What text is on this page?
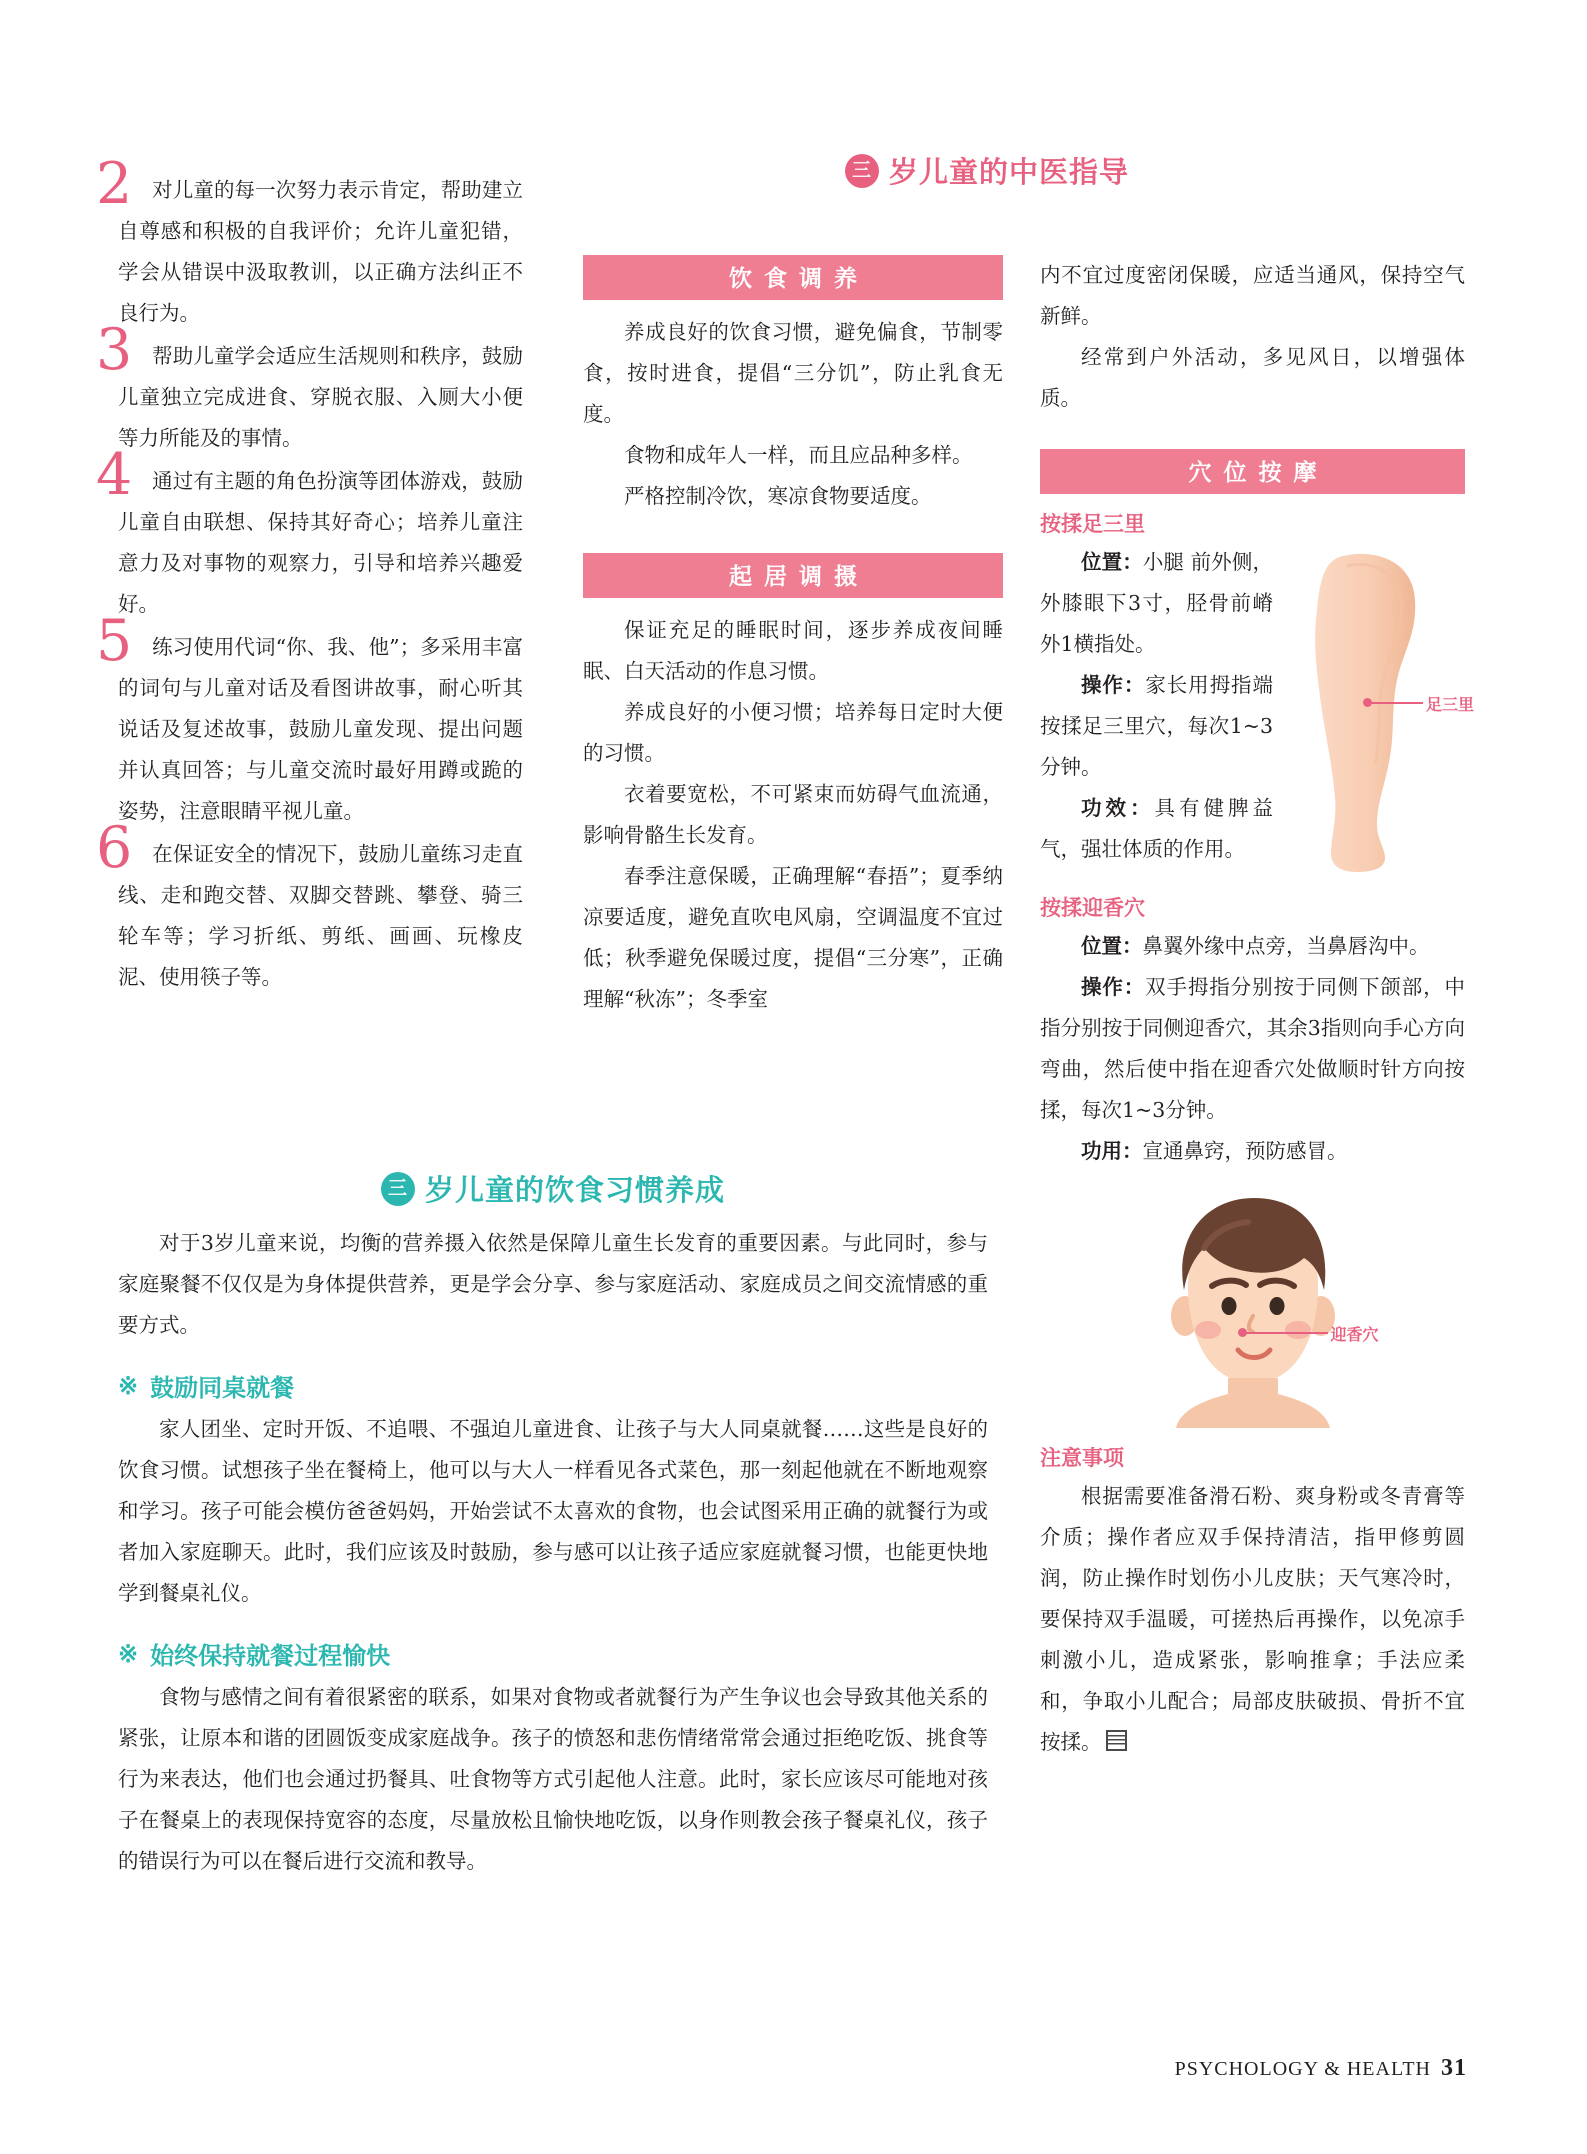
三 岁儿童的中医指导
2 对儿童的每一次努力表示肯定，帮助建立自尊感和积极的自我评价；允许儿童犯错，学会从错误中汲取教训，以正确方法纠正不良行为。

3 帮助儿童学会适应生活规则和秩序，鼓励儿童独立完成进食、穿脱衣服、入厕大小便等力所能及的事情。

4 通过有主题的角色扮演等团体游戏，鼓励儿童自由联想、保持其好奇心；培养儿童注意力及对事物的观察力，引导和培养兴趣爱好。

5 练习使用代词“你、我、他”；多采用丰富的词句与儿童对话及看图讲故事，耐心听其说话及复述故事，鼓励儿童发现、提出问题并认真回答；与儿童交流时最好用蹲或跪的姿势，注意眼睛平视儿童。

6 在保证安全的情况下，鼓励儿童练习走直线、走和跑交替、双脚交替跳、攀登、骑三轮车等；学习折纸、剪纸、画画、玩橡皮泥、使用筷子等。

饮食调养

养成良好的饮食习惯，避免偏食，节制零食，按时进食，提倡“三分饥”，防止乳食无度。

食物和成年人一样，而且应品种多样。

严格控制冷饮，寒凉食物要适度。

起居调摄

保证充足的睡眠时间，逐步养成夜间睡眠、白天活动的作息习惯。

养成良好的小便习惯；培养每日定时大便的习惯。

衣着要宽松，不可紧束而妨碍气血流通，影响骨骼生长发育。

春季注意保暖，正确理解“春捂”；夏季纳凉要适度，避免直吹电风扇，空调温度不宜过低；秋季避免保暖过度，提倡“三分寒”，正确理解“秋冻”；冬季室

内不宜过度密闭保暖，应适当通风，保持空气新鲜。

经常到户外活动，多见风日，以增强体质。

穴位按摩
按揉足三里
足三里

位置：小腿 前外侧，外膝眼下3寸，胫骨前嵴外1横指处。

操作：家长用拇指端按揉足三里穴，每次1~3分钟。

功效：具有健脾益气，强壮体质的作用。

按揉迎香穴

位置：鼻翼外缘中点旁，当鼻唇沟中。

操作：双手拇指分别按于同侧下颌部，中指分别按于同侧迎香穴，其余3指则向手心方向弯曲，然后使中指在迎香穴处做顺时针方向按揉，每次1~3分钟。

功用：宣通鼻窍，预防感冒。

迎香穴
注意事项

根据需要准备滑石粉、爽身粉或冬青膏等介质；操作者应双手保持清洁，指甲修剪圆润，防止操作时划伤小儿皮肤；天气寒冷时，要保持双手温暖，可搓热后再操作，以免凉手刺激小儿，造成紧张，影响推拿；手法应柔和，争取小儿配合；局部皮肤破损、骨折不宜按揉。

三 岁儿童的饮食习惯养成

对于3岁儿童来说，均衡的营养摄入依然是保障儿童生长发育的重要因素。与此同时，参与家庭聚餐不仅仅是为身体提供营养，更是学会分享、参与家庭活动、家庭成员之间交流情感的重要方式。

※ 鼓励同桌就餐

家人团坐、定时开饭、不追喂、不强迫儿童进食、让孩子与大人同桌就餐……这些是良好的饮食习惯。试想孩子坐在餐椅上，他可以与大人一样看见各式菜色，那一刻起他就在不断地观察和学习。孩子可能会模仿爸爸妈妈，开始尝试不太喜欢的食物，也会试图采用正确的就餐行为或者加入家庭聊天。此时，我们应该及时鼓励，参与感可以让孩子适应家庭就餐习惯，也能更快地学到餐桌礼仪。

※ 始终保持就餐过程愉快

食物与感情之间有着很紧密的联系，如果对食物或者就餐行为产生争议也会导致其他关系的紧张，让原本和谐的团圆饭变成家庭战争。孩子的愤怒和悲伤情绪常常会通过拒绝吃饭、挑食等行为来表达，他们也会通过扔餐具、吐食物等方式引起他人注意。此时，家长应该尽可能地对孩子在餐桌上的表现保持宽容的态度，尽量放松且愉快地吃饭，以身作则教会孩子餐桌礼仪，孩子的错误行为可以在餐后进行交流和教导。

PSYCHOLOGY & HEALTH 31
